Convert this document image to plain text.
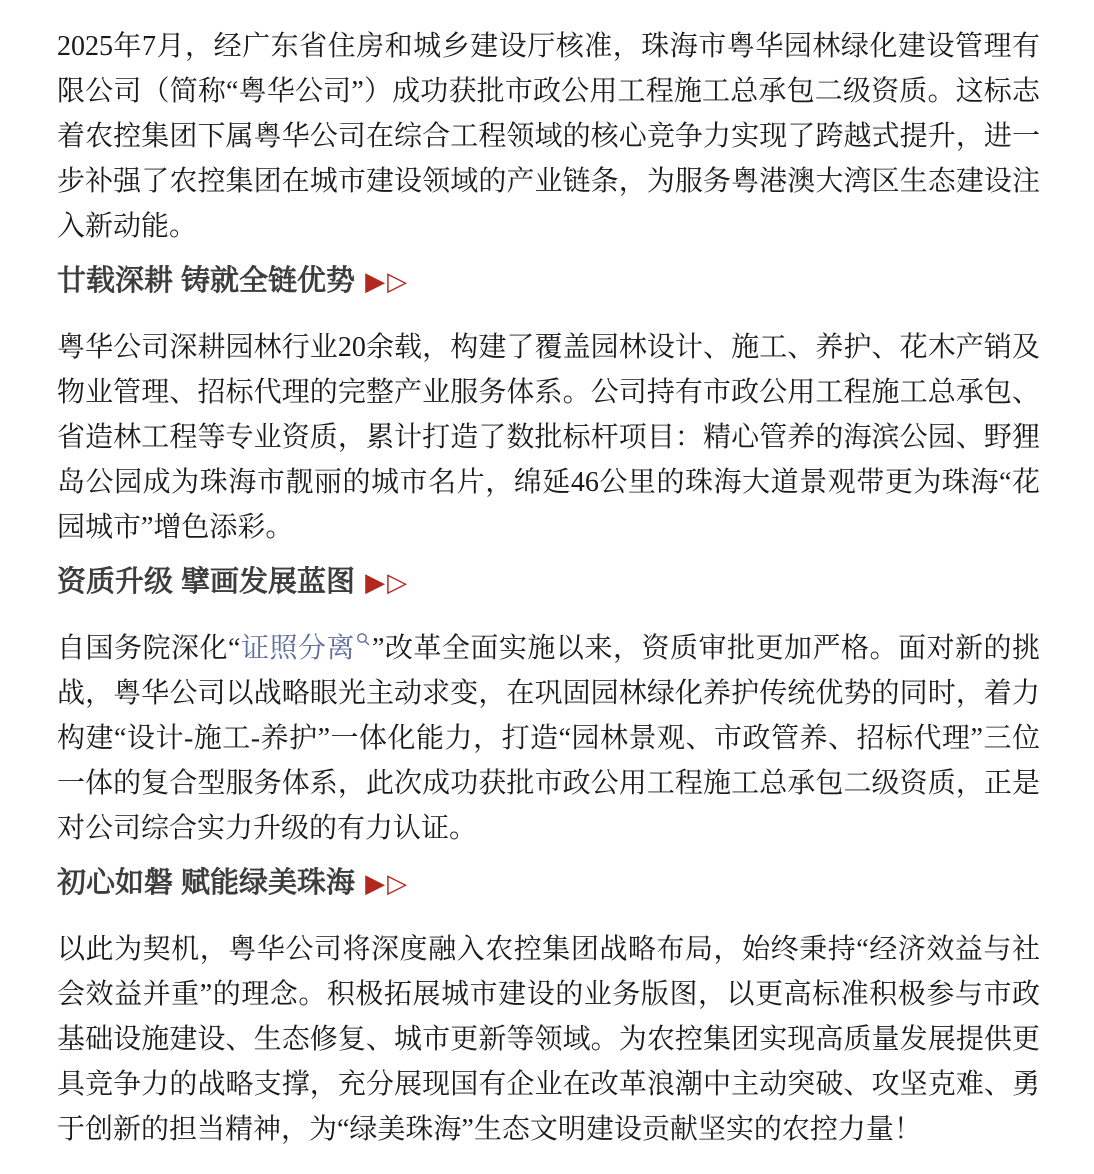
2025年7月，经广东省住房和城乡建设厅核准，珠海市粤华园林绿化建设管理有限公司（简称“粤华公司”）成功获批市政公用工程施工总承包二级资质。这标志着农控集团下属粤华公司在综合工程领域的核心竞争力实现了跨越式提升，进一步补强了农控集团在城市建设领域的产业链条，为服务粤港澳大湾区生态建设注入新动能。

廿载深耕 铸就全链优势 ▶ ▷

粤华公司深耕园林行业20余载，构建了覆盖园林设计、施工、养护、花木产销及物业管理、招标代理的完整产业服务体系。公司持有市政公用工程施工总承包、省造林工程等专业资质，累计打造了数批标杆项目：精心管养的海滨公园、野狸岛公园成为珠海市靓丽的城市名片，绵延46公里的珠海大道景观带更为珠海“花园城市”增色添彩。

资质升级 擘画发展蓝图 ▶ ▷

自国务院深化“证照分离 ”改革全面实施以来，资质审批更加严格。面对新的挑战，粤华公司以战略眼光主动求变，在巩固园林绿化养护传统优势的同时，着力构建“设计-施工-养护”一体化能力，打造“园林景观、市政管养、招标代理”三位一体的复合型服务体系，此次成功获批市政公用工程施工总承包二级资质，正是对公司综合实力升级的有力认证。

初心如磐 赋能绿美珠海 ▶ ▷

以此为契机，粤华公司将深度融入农控集团战略布局，始终秉持“经济效益与社会效益并重”的理念。积极拓展城市建设的业务版图，以更高标准积极参与市政基础设施建设、生态修复、城市更新等领域。为农控集团实现高质量发展提供更具竞争力的战略支撑，充分展现国有企业在改革浪潮中主动突破、攻坚克难、勇于创新的担当精神，为“绿美珠海”生态文明建设贡献坚实的农控力量！
